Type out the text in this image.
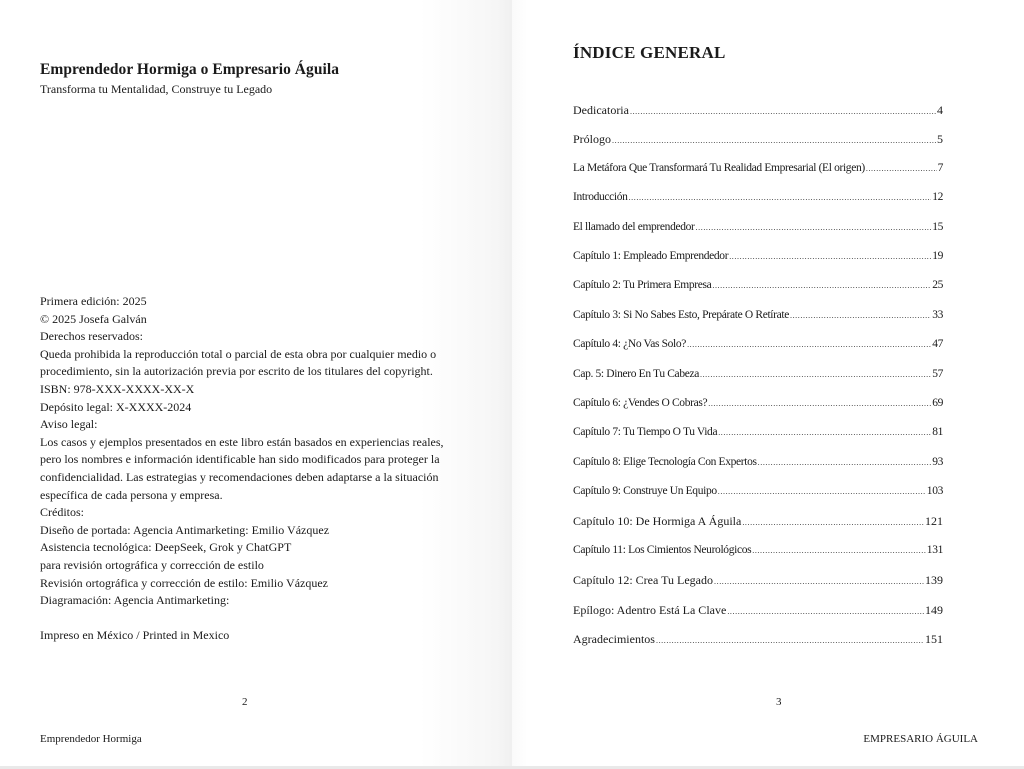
Emprendedor Hormiga o Empresario Águila
Transforma tu Mentalidad, Construye tu Legado
Primera edición: 2025
© 2025 Josefa Galván
Derechos reservados:
Queda prohibida la reproducción total o parcial de esta obra por cualquier medio o procedimiento, sin la autorización previa por escrito de los titulares del copyright.
ISBN: 978-XXX-XXXX-XX-X
Depósito legal: X-XXXX-2024
Aviso legal:
Los casos y ejemplos presentados en este libro están basados en experiencias reales, pero los nombres e información identificable han sido modificados para proteger la confidencialidad. Las estrategias y recomendaciones deben adaptarse a la situación específica de cada persona y empresa.
Créditos:
Diseño de portada: Agencia Antimarketing: Emilio Vázquez
Asistencia tecnológica: DeepSeek, Grok y ChatGPT
para revisión ortográfica y corrección de estilo
Revisión ortográfica y corrección de estilo: Emilio Vázquez
Diagramación: Agencia Antimarketing:
Impreso en México / Printed in Mexico
2
Emprendedor Hormiga
ÍNDICE GENERAL
Dedicatoria .....	4
Prólogo .....	5
La Metáfora Que Transformará Tu Realidad Empresarial (El origen) .....	7
Introducción .....	12
El llamado del emprendedor .....	15
Capítulo 1: Empleado Emprendedor .....	19
Capítulo 2: Tu Primera Empresa .....	25
Capítulo 3: Si No Sabes Esto, Prepárate O Retírate .....	33
Capítulo 4: ¿No Vas Solo? .....	47
Cap. 5: Dinero En Tu Cabeza .....	57
Capítulo 6: ¿Vendes O Cobras? .....	69
Capítulo 7: Tu Tiempo O Tu Vida .....	81
Capítulo 8: Elige Tecnología Con Expertos .....	93
Capítulo 9: Construye Un Equipo .....	103
Capítulo 10: De Hormiga A Águila .....	121
Capítulo 11: Los Cimientos Neurológicos .....	131
Capítulo 12: Crea Tu Legado .....	139
Epílogo: Adentro Está La Clave .....	149
Agradecimientos .....	151
3
EMPRESARIO ÁGUILA
